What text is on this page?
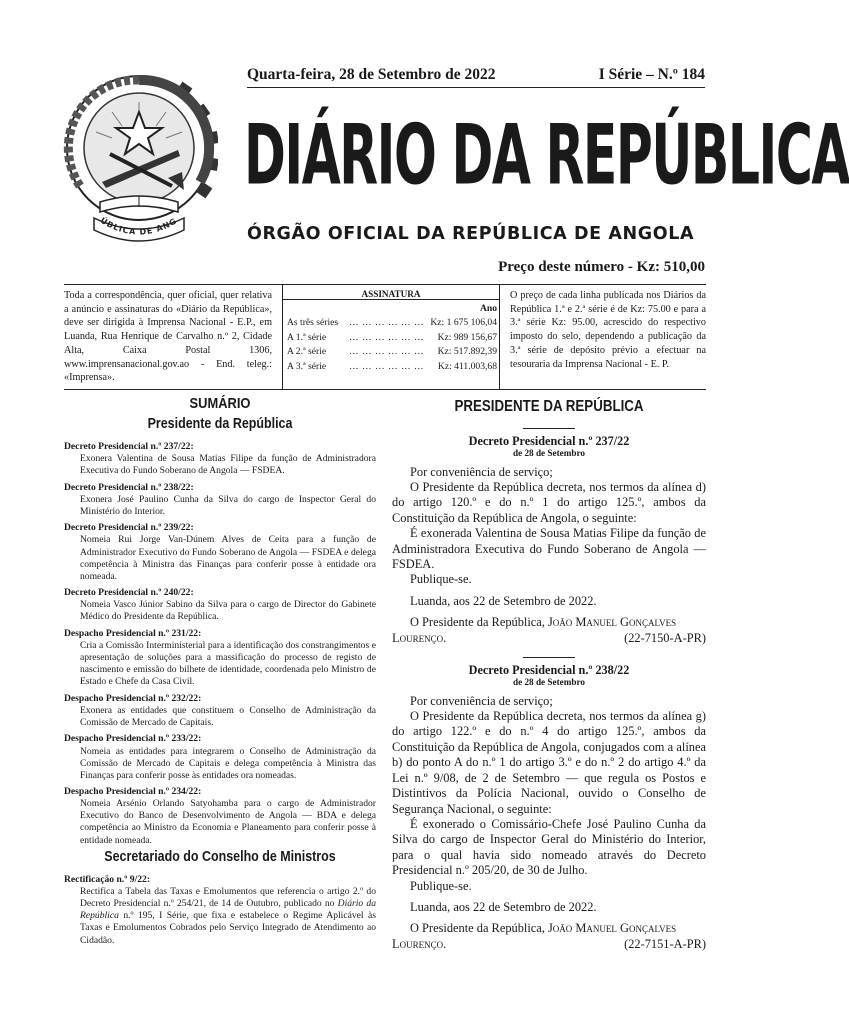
ÚBLICA DE ANG
Quarta-feira, 28 de Setembro de 2022	I Série – N.º 184
DIÁRIO DA REPÚBLICA
ÓRGÃO OFICIAL DA REPÚBLICA DE ANGOLA
Preço deste número - Kz: 510,00
Toda a correspondência, quer oficial, quer relativa a anúncio e assinaturas do «Diário da República», deve ser dirigida à Imprensa Nacional - E.P., em Luanda, Rua Henrique de Carvalho n.º 2, Cidade Alta, Caixa Postal 1306, www.imprensanacional.gov.ao - End. teleg.: «Imprensa».
ASSINATURA
Ano
As três séries … … … … … … Kz: 1 675 106,04
A 1.ª série … … … … … … Kz: 989 156,67
A 2.ª série … … … … … … Kz: 517.892,39
A 3.ª série … … … … … … Kz: 411.003,68
O preço de cada linha publicada nos Diários da República 1.ª e 2.ª série é de Kz: 75.00 e para a 3.ª série Kz: 95.00, acrescido do respectivo imposto do selo, dependendo a publicação da 3.ª série de depósito prévio a efectuar na tesouraria da Imprensa Nacional - E. P.
SUMÁRIO
Presidente da República
Decreto Presidencial n.º 237/22:
Exonera Valentina de Sousa Matias Filipe da função de Administradora Executiva do Fundo Soberano de Angola — FSDEA.
Decreto Presidencial n.º 238/22:
Exonera José Paulino Cunha da Silva do cargo de Inspector Geral do Ministério do Interior.
Decreto Presidencial n.º 239/22:
Nomeia Rui Jorge Van-Dúnem Alves de Ceita para a função de Administrador Executivo do Fundo Soberano de Angola — FSDEA e delega competência à Ministra das Finanças para conferir posse à entidade ora nomeada.
Decreto Presidencial n.º 240/22:
Nomeia Vasco Júnior Sabino da Silva para o cargo de Director do Gabinete Médico do Presidente da República.
Despacho Presidencial n.º 231/22:
Cria a Comissão Interministerial para a identificação dos constrangimentos e apresentação de soluções para a massificação do processo de registo de nascimento e emissão do bilhete de identidade, coordenada pelo Ministro de Estado e Chefe da Casa Civil.
Despacho Presidencial n.º 232/22:
Exonera as entidades que constituem o Conselho de Administração da Comissão de Mercado de Capitais.
Despacho Presidencial n.º 233/22:
Nomeia as entidades para integrarem o Conselho de Administração da Comissão de Mercado de Capitais e delega competência à Ministra das Finanças para conferir posse às entidades ora nomeadas.
Despacho Presidencial n.º 234/22:
Nomeia Arsénio Orlando Satyohamba para o cargo de Administrador Executivo do Banco de Desenvolvimento de Angola — BDA e delega competência ao Ministro da Economia e Planeamento para conferir posse à entidade nomeada.
Secretariado do Conselho de Ministros
Rectificação n.º 9/22:
Rectifica a Tabela das Taxas e Emolumentos que referencia o artigo 2.º do Decreto Presidencial n.º 254/21, de 14 de Outubro, publicado no Diário da República n.º 195, I Série, que fixa e estabelece o Regime Aplicável às Taxas e Emolumentos Cobrados pelo Serviço Integrado de Atendimento ao Cidadão.
PRESIDENTE DA REPÚBLICA
Decreto Presidencial n.º 237/22
de 28 de Setembro

Por conveniência de serviço;

O Presidente da República decreta, nos termos da alínea d) do artigo 120.º e do n.º 1 do artigo 125.º, ambos da Constituição da República de Angola, o seguinte:

É exonerada Valentina de Sousa Matias Filipe da função de Administradora Executiva do Fundo Soberano de Angola — FSDEA.

Publique-se.

Luanda, aos 22 de Setembro de 2022.

O Presidente da República, João Manuel Gonçalves Lourenço.	(22-7150-A-PR)
Decreto Presidencial n.º 238/22
de 28 de Setembro

Por conveniência de serviço;

O Presidente da República decreta, nos termos da alínea g) do artigo 122.º e do n.º 4 do artigo 125.º, ambos da Constituição da República de Angola, conjugados com a alínea b) do ponto A do n.º 1 do artigo 3.º e do n.º 2 do artigo 4.º da Lei n.º 9/08, de 2 de Setembro — que regula os Postos e Distintivos da Polícia Nacional, ouvido o Conselho de Segurança Nacional, o seguinte:

É exonerado o Comissário-Chefe José Paulino Cunha da Silva do cargo de Inspector Geral do Ministério do Interior, para o qual havia sido nomeado através do Decreto Presidencial n.º 205/20, de 30 de Julho.

Publique-se.

Luanda, aos 22 de Setembro de 2022.

O Presidente da República, João Manuel Gonçalves Lourenço.	(22-7151-A-PR)
